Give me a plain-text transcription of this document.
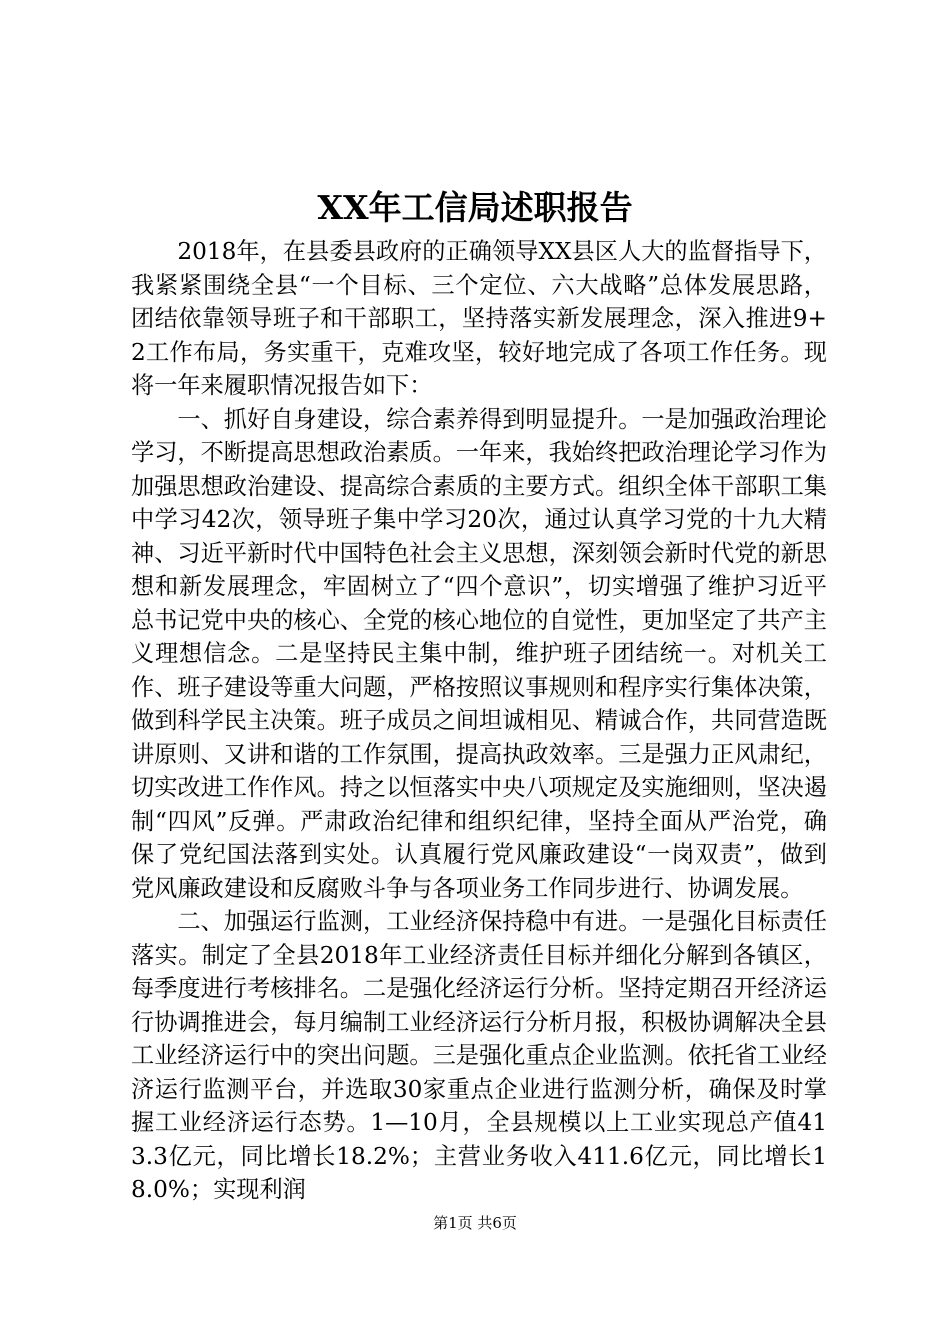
XX年工信局述职报告

2018年，在县委县政府的正确领导XX县区人大的监督指导下，我紧紧围绕全县“一个目标、三个定位、六大战略”总体发展思路，团结依靠领导班子和干部职工，坚持落实新发展理念，深入推进9+2工作布局，务实重干，克难攻坚，较好地完成了各项工作任务。现将一年来履职情况报告如下：

一、抓好自身建设，综合素养得到明显提升。一是加强政治理论学习，不断提高思想政治素质。一年来，我始终把政治理论学习作为加强思想政治建设、提高综合素质的主要方式。组织全体干部职工集中学习42次，领导班子集中学习20次，通过认真学习党的十九大精神、习近平新时代中国特色社会主义思想，深刻领会新时代党的新思想和新发展理念，牢固树立了“四个意识”，切实增强了维护习近平总书记党中央的核心、全党的核心地位的自觉性，更加坚定了共产主义理想信念。二是坚持民主集中制，维护班子团结统一。对机关工作、班子建设等重大问题，严格按照议事规则和程序实行集体决策，做到科学民主决策。班子成员之间坦诚相见、精诚合作，共同营造既讲原则、又讲和谐的工作氛围，提高执政效率。三是强力正风肃纪，切实改进工作作风。持之以恒落实中央八项规定及实施细则，坚决遏制“四风”反弹。严肃政治纪律和组织纪律，坚持全面从严治党，确保了党纪国法落到实处。认真履行党风廉政建设“一岗双责”，做到党风廉政建设和反腐败斗争与各项业务工作同步进行、协调发展。

二、加强运行监测，工业经济保持稳中有进。一是强化目标责任落实。制定了全县2018年工业经济责任目标并细化分解到各镇区，每季度进行考核排名。二是强化经济运行分析。坚持定期召开经济运行协调推进会，每月编制工业经济运行分析月报，积极协调解决全县工业经济运行中的突出问题。三是强化重点企业监测。依托省工业经济运行监测平台，并选取30家重点企业进行监测分析，确保及时掌握工业经济运行态势。1—10月，全县规模以上工业实现总产值413.3亿元，同比增长18.2%；主营业务收入411.6亿元，同比增长18.0%；实现利润

第1页 共6页
